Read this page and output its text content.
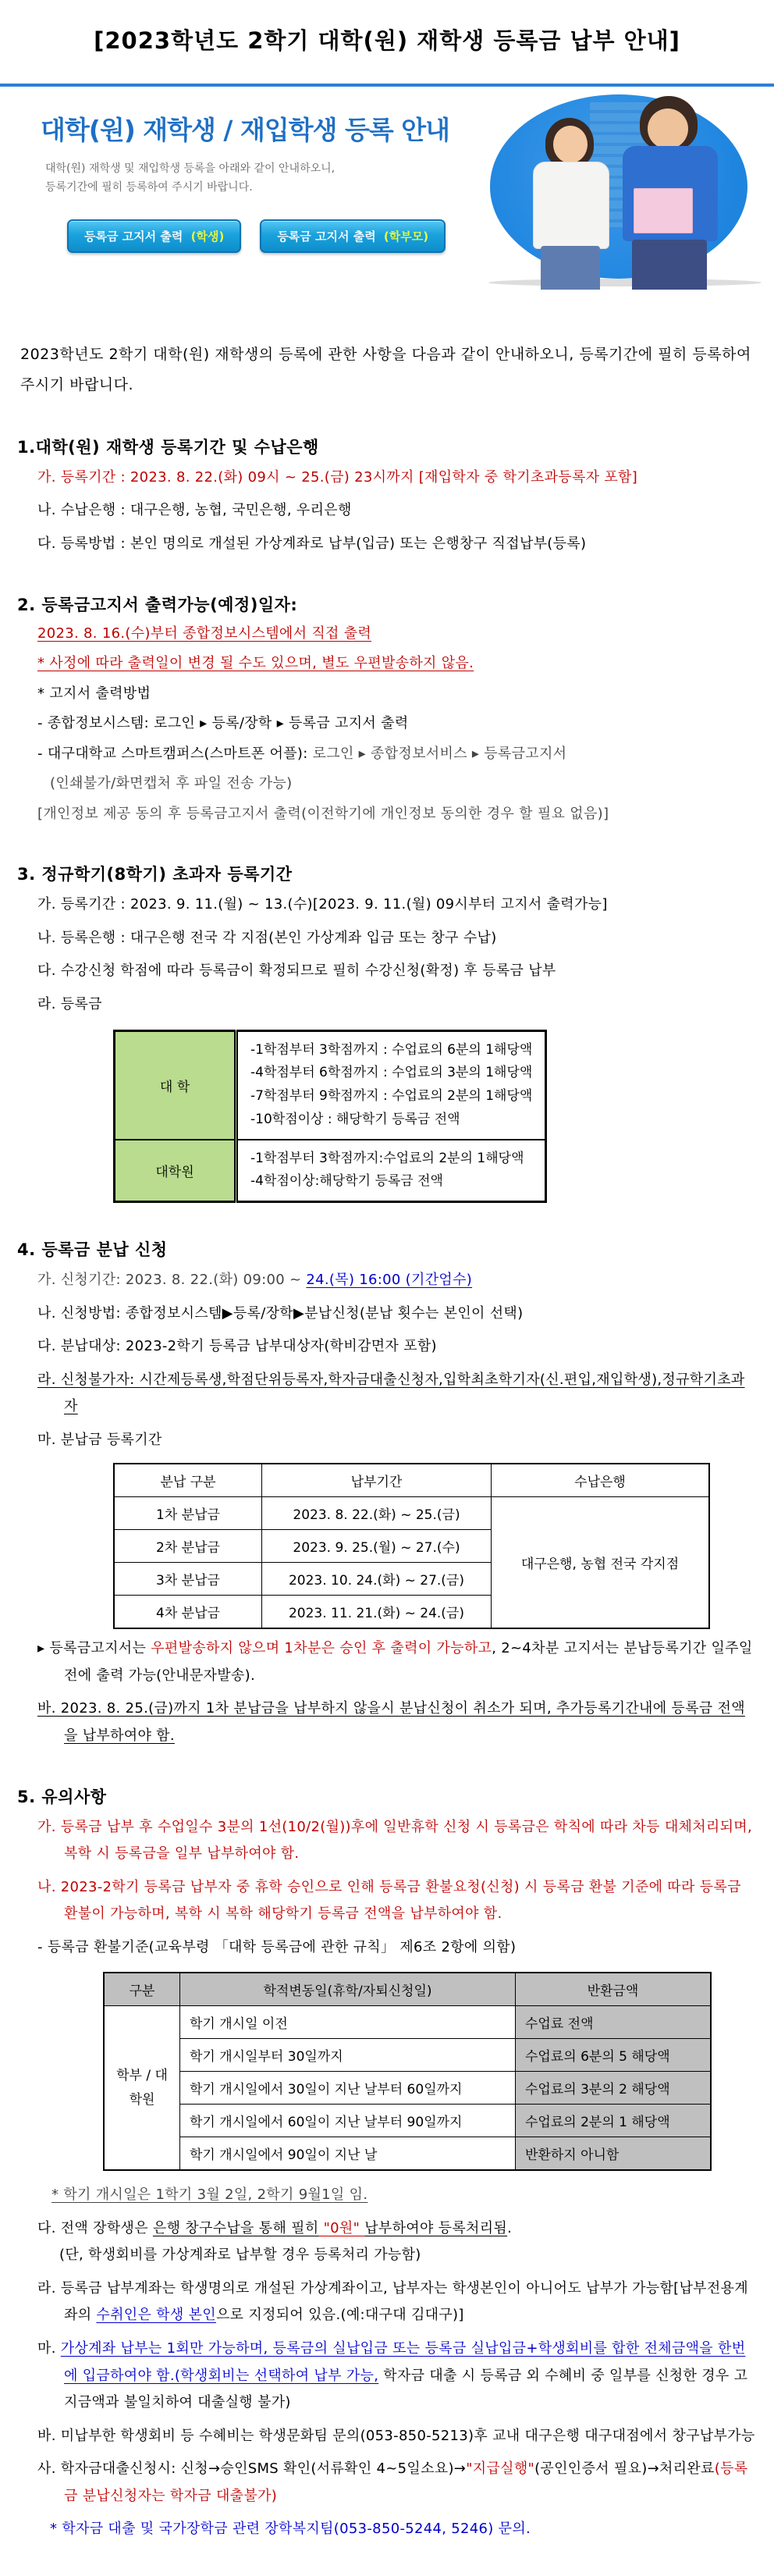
[2023학년도 2학기 대학(원) 재학생 등록금 납부 안내]
대학(원) 재학생 / 재입학생 등록 안내
대학(원) 재학생 및 재입학생 등록을 아래와 같이 안내하오니,
등록기간에 필히 등록하여 주시기 바랍니다.
등록금 고지서 출력 (학생)	등록금 고지서 출력 (학부모)

2023학년도 2학기 대학(원) 재학생의 등록에 관한 사항을 다음과 같이 안내하오니, 등록기간에 필히 등록하여 주시기 바랍니다.

1.대학(원) 재학생 등록기간 및 수납은행
가. 등록기간 : 2023. 8. 22.(화) 09시 ~ 25.(금) 23시까지 [재입학자 중 학기초과등록자 포함]
나. 수납은행 : 대구은행, 농협, 국민은행, 우리은행
다. 등록방법 : 본인 명의로 개설된 가상계좌로 납부(입금) 또는 은행창구 직접납부(등록)
2. 등록금고지서 출력가능(예정)일자:
2023. 8. 16.(수)부터 종합정보시스템에서 직접 출력
* 사정에 따라 출력일이 변경 될 수도 있으며, 별도 우편발송하지 않음.
* 고지서 출력방법
- 종합정보시스템: 로그인 ▸ 등록/장학 ▸ 등록금 고지서 출력
- 대구대학교 스마트캠퍼스(스마트폰 어플): 로그인 ▸ 종합정보서비스 ▸ 등록금고지서
(인쇄불가/화면캡처 후 파일 전송 가능)
[개인정보 제공 동의 후 등록금고지서 출력(이전학기에 개인정보 동의한 경우 할 필요 없음)]
3. 정규학기(8학기) 초과자 등록기간
가. 등록기간 : 2023. 9. 11.(월) ~ 13.(수)[2023. 9. 11.(월) 09시부터 고지서 출력가능]
나. 등록은행 : 대구은행 전국 각 지점(본인 가상계좌 입금 또는 창구 수납)
다. 수강신청 학점에 따라 등록금이 확정되므로 필히 수강신청(확정) 후 등록금 납부
라. 등록금
대 학	-1학점부터 3학점까지 : 수업료의 6분의 1해당액
-4학점부터 6학점까지 : 수업료의 3분의 1해당액
-7학점부터 9학점까지 : 수업료의 2분의 1해당액
-10학점이상 : 해당학기 등록금 전액

대학원	-1학점부터 3학점까지:수업료의 2분의 1해당액
-4학점이상:해당학기 등록금 전액
4. 등록금 분납 신청
가. 신청기간: 2023. 8. 22.(화) 09:00 ~ 24.(목) 16:00 (기간엄수)
나. 신청방법: 종합정보시스템▶등록/장학▶분납신청(분납 횟수는 본인이 선택)
다. 분납대상: 2023-2학기 등록금 납부대상자(학비감면자 포함)
라. 신청불가자: 시간제등록생,학점단위등록자,학자금대출신청자,입학최초학기자(신.편입,재입학생),정규학기초과자
마. 분납금 등록기간
분납 구분	납부기간	수납은행
1차 분납금	2023. 8. 22.(화) ~ 25.(금)	대구은행, 농협 전국 각지점
2차 분납금	2023. 9. 25.(월) ~ 27.(수)	
3차 분납금	2023. 10. 24.(화) ~ 27.(금)	
4차 분납금	2023. 11. 21.(화) ~ 24.(금)	
▸ 등록금고지서는 우편발송하지 않으며 1차분은 승인 후 출력이 가능하고, 2~4차분 고지서는 분납등록기간 일주일 전에 출력 가능(안내문자발송).
바. 2023. 8. 25.(금)까지 1차 분납금을 납부하지 않을시 분납신청이 취소가 되며, 추가등록기간내에 등록금 전액을 납부하여야 함.
5. 유의사항
가. 등록금 납부 후 수업일수 3분의 1선(10/2(월))후에 일반휴학 신청 시 등록금은 학칙에 따라 차등 대체처리되며, 복학 시 등록금을 일부 납부하여야 함.
나. 2023-2학기 등록금 납부자 중 휴학 승인으로 인해 등록금 환불요청(신청) 시 등록금 환불 기준에 따라 등록금 환불이 가능하며, 복학 시 복학 해당학기 등록금 전액을 납부하여야 함.
- 등록금 환불기준(교육부령 「대학 등록금에 관한 규칙」 제6조 2항에 의함)
구분	학적변동일(휴학/자퇴신청일)	반환금액
학부 / 대학원	학기 개시일 이전	수업료 전액
	학기 개시일부터 30일까지	수업료의 6분의 5 해당액
	학기 개시일에서 30일이 지난 날부터 60일까지	수업료의 3분의 2 해당액
	학기 개시일에서 60일이 지난 날부터 90일까지	수업료의 2분의 1 해당액
	학기 개시일에서 90일이 지난 날	반환하지 아니함
* 학기 개시일은 1학기 3월 2일, 2학기 9월1일 임.
다. 전액 장학생은 은행 창구수납을 통해 필히 "0원" 납부하여야 등록처리됨.
(단, 학생회비를 가상계좌로 납부할 경우 등록처리 가능함)
라. 등록금 납부계좌는 학생명의로 개설된 가상계좌이고, 납부자는 학생본인이 아니어도 납부가 가능함[납부전용계좌의 수취인은 학생 본인으로 지정되어 있음.(예:대구대 김대구)]
마. 가상계좌 납부는 1회만 가능하며, 등록금의 실납입금 또는 등록금 실납입금+학생회비를 합한 전체금액을 한번에 입금하여야 함.(학생회비는 선택하여 납부 가능, 학자금 대출 시 등록금 외 수혜비 중 일부를 신청한 경우 고지금액과 불일치하여 대출실행 불가)
바. 미납부한 학생회비 등 수혜비는 학생문화팀 문의(053-850-5213)후 교내 대구은행 대구대점에서 창구납부가능
사. 학자금대출신청시: 신청→승인SMS 확인(서류확인 4~5일소요)→"지급실행"(공인인증서 필요)→처리완료(등록금 분납신청자는 학자금 대출불가)
* 학자금 대출 및 국가장학금 관련 장학복지팀(053-850-5244, 5246) 문의.
